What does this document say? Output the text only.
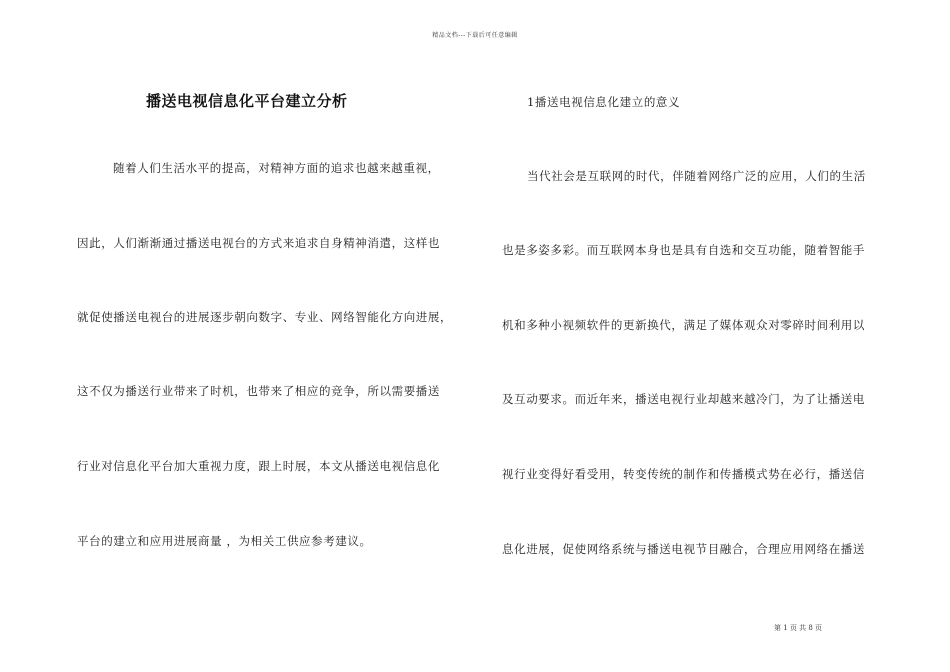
精品文档---下载后可任意编辑
播送电视信息化平台建立分析
随着人们生活水平的提高，对精神方面的追求也越来越重视，
因此，人们渐渐通过播送电视台的方式来追求自身精神消遣，这样也
就促使播送电视台的进展逐步朝向数字、专业、网络智能化方向进展，
这不仅为播送行业带来了时机，也带来了相应的竞争，所以需要播送
行业对信息化平台加大重视力度，跟上时展，本文从播送电视信息化
平台的建立和应用进展商量 ，为相关工供应参考建议。
1播送电视信息化建立的意义
当代社会是互联网的时代，伴随着网络广泛的应用，人们的生活
也是多姿多彩。而互联网本身也是具有自选和交互功能，随着智能手
机和多种小视频软件的更新换代，满足了媒体观众对零碎时间利用以
及互动要求。而近年来，播送电视行业却越来越冷门，为了让播送电
视行业变得好看受用，转变传统的制作和传播模式势在必行，播送信
息化进展，促使网络系统与播送电视节目融合，合理应用网络在播送
第 1 页 共 8 页
